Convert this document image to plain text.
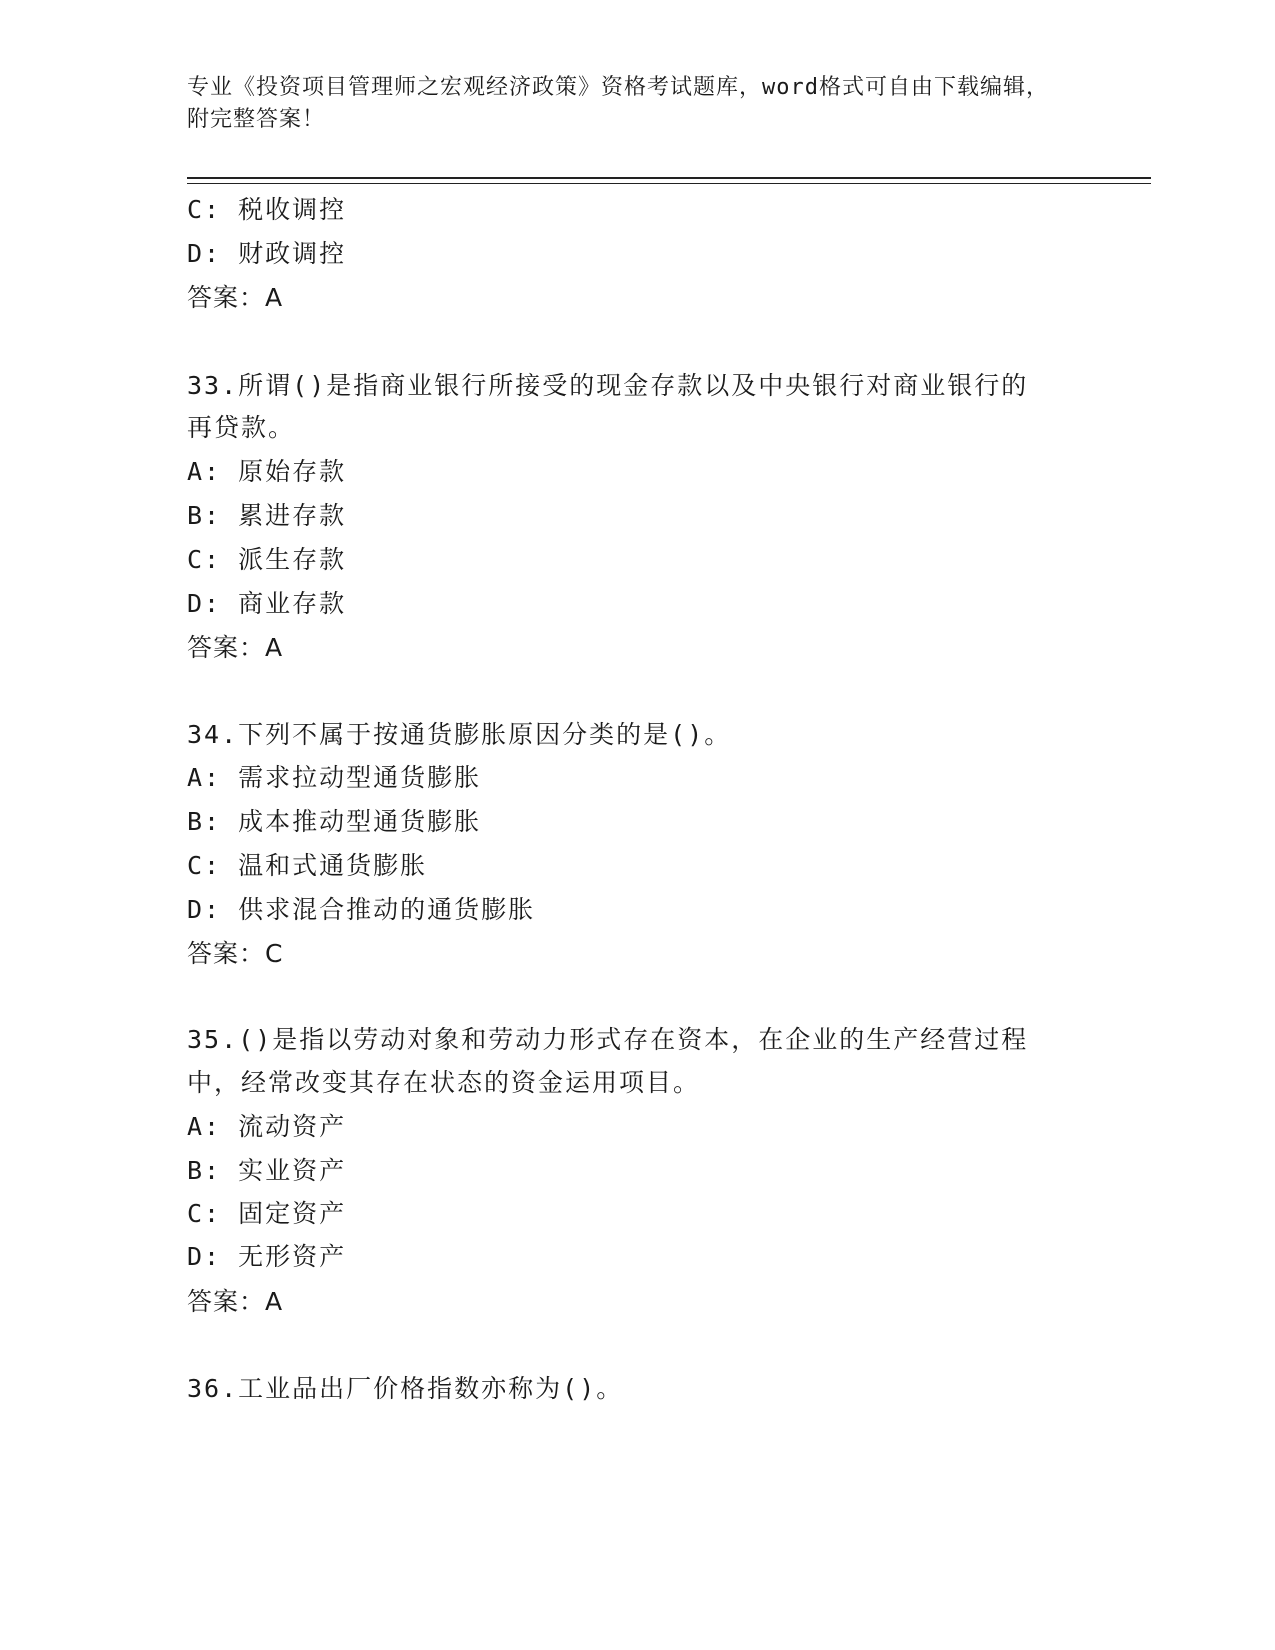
专业《投资项目管理师之宏观经济政策》资格考试题库，word格式可自由下载编辑，附完整答案！
C: 税收调控
D: 财政调控
答案：A
33.所谓()是指商业银行所接受的现金存款以及中央银行对商业银行的
再贷款。
A: 原始存款
B: 累进存款
C: 派生存款
D: 商业存款
答案：A
34.下列不属于按通货膨胀原因分类的是()。
A: 需求拉动型通货膨胀
B: 成本推动型通货膨胀
C: 温和式通货膨胀
D: 供求混合推动的通货膨胀
答案：C
35.()是指以劳动对象和劳动力形式存在资本，在企业的生产经营过程
中，经常改变其存在状态的资金运用项目。
A: 流动资产
B: 实业资产
C: 固定资产
D: 无形资产
答案：A
36.工业品出厂价格指数亦称为()。
